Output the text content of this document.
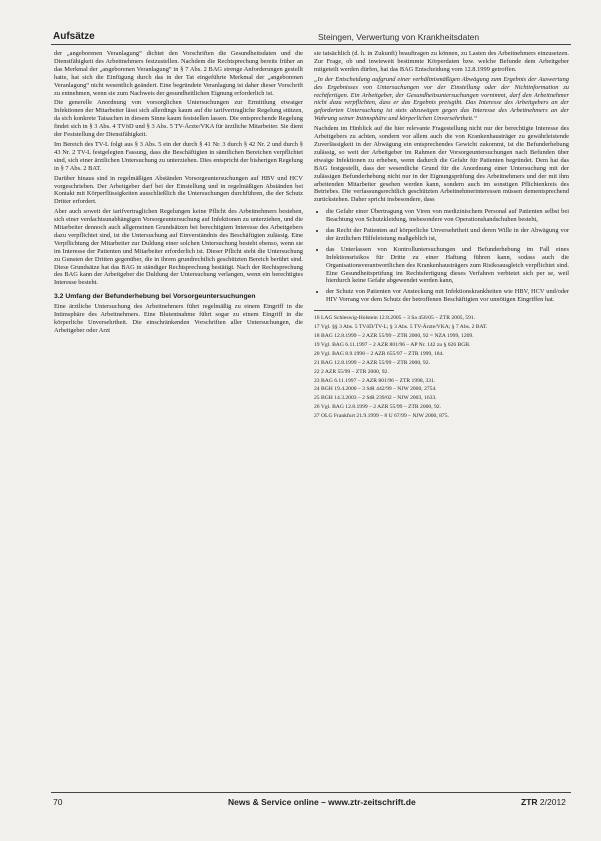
Aufsätze	Steingen, Verwertung von Krankheitsdaten

der „angeborenen Veranlagung“ dichtet den Vorschriften die Gesundheitsdaten und die Dienstfähigkeit des Arbeitnehmers festzustellen. Nachdem die Rechtsprechung bereits früher an das Merkmal der „angeborenen Veranlagung“ in § 7 Abs. 2 BAG strenge Anforderungen gestellt hatte, hat sich die Einfügung durch das in der Tat eingeführte Merkmal der „angeborenen Veranlagung“ nicht wesentlich geändert. Eine begründete Veranlagung ist daher dieser Vorschrift zu entnehmen, wenn sie zum Nachweis der gesundheitlichen Eignung erforderlich ist.

Die generelle Anordnung von vorsorglichen Untersuchungen zur Ermittlung etwaiger Infektionen der Mitarbeiter lässt sich allerdings kaum auf die tarifvertragliche Regelung stützen, da sich konkrete Tatsachen in diesem Sinne kaum feststellen lassen. Die entsprechende Regelung findet sich in § 3 Abs. 4 TVöD und § 3 Abs. 5 TV-Ärzte/VKA für ärztliche Mitarbeiter. Sie dient der Feststellung der Dienstfähigkeit.

Im Bereich des TV-L folgt aus § 3 Abs. 5 ein der durch § 41 Nr. 3 durch § 42 Nr. 2 und durch § 43 Nr. 2 TV-L festgelegten Fassung, dass die Beschäftigten in sämtlichen Bereichen verpflichtet sind, sich einer ärztlichen Untersuchung zu unterziehen. Dies entspricht der bisherigen Regelung in § 7 Abs. 2 BAT.

Darüber hinaus sind in regelmäßigen Abständen Vorsorgeuntersuchungen auf HBV und HCV vorgeschrieben. Der Arbeitgeber darf bei der Einstellung und in regelmäßigen Abständen bei Kontakt mit Körperflüssigkeiten ausschließlich die Untersuchungen durchführen, die der Schutz Dritter erfordert.

Aber auch soweit der tarifvertraglichen Regelungen keine Pflicht des Arbeitnehmers bestehen, sich einer verdachtsunabhängigen Vorsorgeuntersuchung auf Infektionen zu unterziehen, und die Mitarbeiter dennoch auch allgemeinen Grundsätzen bei berechtigtem Interesse des Arbeitgebers dazu verpflichtet sind, ist die Untersuchung auf Einverständnis des Beschäftigten zulässig. Eine Verpflichtung der Mitarbeiter zur Duldung einer solchen Untersuchung besteht ebenso, wenn sie im Interesse der Patienten und Mitarbeiter erforderlich ist. Dieser Pflicht steht die Untersuchung zu Gunsten der Dritten gegenüber, die in ihrem grundrechtlich geschützten Bereich berührt sind. Diese Grundsätze hat das BAG in ständiger Rechtsprechung bestätigt. Nach der Rechtsprechung des BAG kann der Arbeitgeber die Duldung der Untersuchung verlangen, wenn ein berechtigtes Interesse besteht.

3.2 Umfang der Befunderhebung bei Vorsorgeuntersuchungen

Eine ärztliche Untersuchung des Arbeitnehmers führt regelmäßig zu einem Eingriff in die Intimsphäre des Arbeitnehmers. Eine Blutentnahme führt sogar zu einem Eingriff in die körperliche Unversehrtheit. Die einschränkenden Vorschriften aller Untersuchungen, die Arbeitgeber oder Arzt

sie tatsächlich (d. h. in Zukunft) beauftragen zu können, zu Lasten des Arbeitnehmers einzusetzen. Zur Frage, ob und inwieweit bestimmte Körperdaten bzw. welche Befunde dem Arbeitgeber mitgeteilt werden dürfen, hat das BAG Entscheidung vom 12.8.1999 getroffen.

„In der Entscheidung aufgrund einer verhältnismäßigen Abwägung zum Ergebnis der Auswertung des Ergebnisses von Untersuchungen vor der Einstellung oder der Nichtinformation zu rechtfertigen. Ein Arbeitgeber, der Gesundheitsuntersuchungen vornimmt, darf den Arbeitnehmer nicht dazu verpflichten, dass er das Ergebnis preisgibt. Das Interesse des Arbeitgebers an der geforderten Untersuchung ist stets abzuwägen gegen das Interesse des Arbeitnehmers an der Wahrung seiner Intimsphäre und körperlichen Unversehrtheit.“

Nachdem im Hinblick auf die hier relevante Fragestellung nicht nur der berechtigte Interesse des Arbeitgebers zu achten, sondern vor allem auch die von Krankenhausträger zu gewährleistende Zuverlässigkeit in der Abwägung ein entsprechendes Gewicht zukommt, ist die Befunderhebung zulässig, so weit der Arbeitgeber im Rahmen der Vorsorgeuntersuchungen nach Befunden über etwaige Infektionen zu erheben, wenn dadurch die Gefahr für Patienten begründet. Dem hat das BAG festgestellt, dass der wesentliche Grund für die Anordnung einer Untersuchung mit der zulässigen Befunderhebung nicht nur in der Eignungsprüfung des Arbeitnehmers und der mit ihm arbeitenden Mitarbeiter gesehen werden kann, sondern auch im sonstigen Pflichtenkreis des Betriebes. Die verfassungsrechtlich geschützten Arbeitnehmerinteressen müssen dementsprechend zurückstehen. Daher spricht insbesondere, dass

• die Gefahr einer Übertragung von Viren von medizinischem Personal auf Patienten selbst bei Beachtung von Schutzkleidung, insbesondere von Operationshandschuhen besteht,
• das Recht der Patienten auf körperliche Unversehrtheit und deren Wille in der Abwägung vor der ärztlichen Hilfeleistung maßgeblich ist,
• das Unterlassen von Kontrolluntersuchungen und Befunderhebung im Fall eines Infektionsrisikos für Dritte zu einer Haftung führen kann, sodass auch die Organisationsverantwortlichen des Krankenhausträgers zum Risikoausgleich verpflichtet sind. Eine Gesundheitsprüfung im Rechtsfertigung dieses Verfahren verbietet sich per se, weil hierdurch keine Gefahr abgewendet werden kann,
• der Schutz von Patienten vor Ansteckung mit Infektionskrankheiten wie HBV, HCV und/oder HIV Vorrang vor dem Schutz der betroffenen Beschäftigten vor unnötigen Eingriffen hat.

16 LAG Schleswig-Holstein 12.8.2005 – 3 Sa 456/05 – ZTR 2005, 591.

17 Vgl. §§ 3 Abs. 5 TVöD/TV-L; § 3 Abs. 5 TV-Ärzte/VKA; § 7 Abs. 2 BAT.

18 BAG 12.8.1999 – 2 AZR 55/99 – ZTR 2000, 92 = NZA 1999, 1209.

19 Vgl. BAG 6.11.1997 – 2 AZR 801/96 – AP Nr. 142 zu § 626 BGB.

20 Vgl. BAG 8.9.1998 – 2 AZR 655/97 – ZTR 1999, 184.

21 BAG 12.8.1999 – 2 AZR 55/99 – ZTR 2000, 92.

22 2 AZR 55/99 – ZTR 2000, 92.

23 BAG 6.11.1997 – 2 AZR 801/96 – ZTR 1998, 331.

24 BGH 19.4.2000 – 3 StR 442/99 – NJW 2000, 2754.

25 BGH 14.3.2003 – 2 StR 239/02 – NJW 2003, 1633.

26 Vgl. BAG 12.8.1999 – 2 AZR 55/99 – ZTR 2000, 92.

27 OLG Frankfurt 21.9.1999 – 8 U 67/99 – NJW 2000, 875.

70	News & Service online – www.ztr-zeitschrift.de	ZTR 2/2012
